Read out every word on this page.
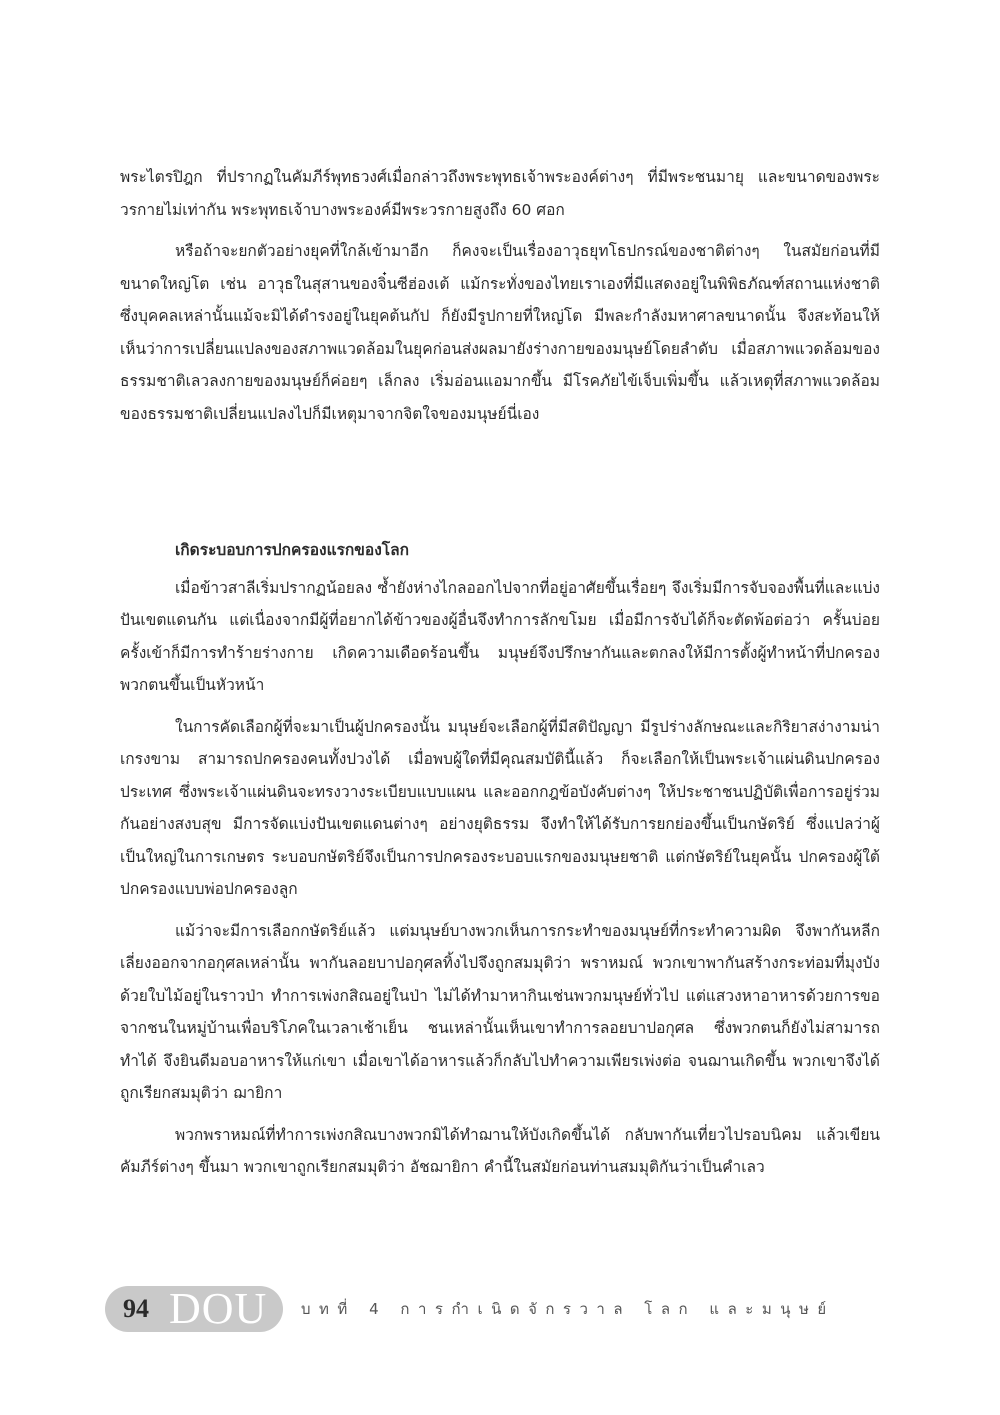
พระไตรปิฎก ที่ปรากฏในคัมภีร์พุทธวงศ์เมื่อกล่าวถึงพระพุทธเจ้าพระองค์ต่างๆ ที่มีพระชนมายุ และขนาดของพระวรกายไม่เท่ากัน พระพุทธเจ้าบางพระองค์มีพระวรกายสูงถึง 60 ศอก

หรือถ้าจะยกตัวอย่างยุคที่ใกล้เข้ามาอีก ก็คงจะเป็นเรื่องอาวุธยุทโธปกรณ์ของชาติต่างๆ ในสมัยก่อนที่มีขนาดใหญ่โต เช่น อาวุธในสุสานของจิ๋นซีฮ่องเต้ แม้กระทั่งของไทยเราเองที่มีแสดงอยู่ในพิพิธภัณฑ์สถานแห่งชาติซึ่งบุคคลเหล่านั้นแม้จะมิได้ดำรงอยู่ในยุคต้นกัป ก็ยังมีรูปกายที่ใหญ่โต มีพละกำลังมหาศาลขนาดนั้น จึงสะท้อนให้เห็นว่าการเปลี่ยนแปลงของสภาพแวดล้อมในยุคก่อนส่งผลมายังร่างกายของมนุษย์โดยลำดับ เมื่อสภาพแวดล้อมของธรรมชาติเลวลงกายของมนุษย์ก็ค่อยๆ เล็กลง เริ่มอ่อนแอมากขึ้น มีโรคภัยไข้เจ็บเพิ่มขึ้น แล้วเหตุที่สภาพแวดล้อมของธรรมชาติเปลี่ยนแปลงไปก็มีเหตุมาจากจิตใจของมนุษย์นี่เอง

เกิดระบอบการปกครองแรกของโลก

เมื่อข้าวสาลีเริ่มปรากฏน้อยลง ซ้ำยังห่างไกลออกไปจากที่อยู่อาศัยขึ้นเรื่อยๆ จึงเริ่มมีการจับจองพื้นที่และแบ่งปันเขตแดนกัน แต่เนื่องจากมีผู้ที่อยากได้ข้าวของผู้อื่นจึงทำการลักขโมย เมื่อมีการจับได้ก็จะตัดพ้อต่อว่า ครั้นบ่อยครั้งเข้าก็มีการทำร้ายร่างกาย เกิดความเดือดร้อนขึ้น มนุษย์จึงปรึกษากันและตกลงให้มีการตั้งผู้ทำหน้าที่ปกครองพวกตนขึ้นเป็นหัวหน้า

ในการคัดเลือกผู้ที่จะมาเป็นผู้ปกครองนั้น มนุษย์จะเลือกผู้ที่มีสติปัญญา มีรูปร่างลักษณะและกิริยาสง่างามน่าเกรงขาม สามารถปกครองคนทั้งปวงได้ เมื่อพบผู้ใดที่มีคุณสมบัตินี้แล้ว ก็จะเลือกให้เป็นพระเจ้าแผ่นดินปกครองประเทศ ซึ่งพระเจ้าแผ่นดินจะทรงวางระเบียบแบบแผน และออกกฎข้อบังคับต่างๆ ให้ประชาชนปฏิบัติเพื่อการอยู่ร่วมกันอย่างสงบสุข มีการจัดแบ่งปันเขตแดนต่างๆ อย่างยุติธรรม จึงทำให้ได้รับการยกย่องขึ้นเป็นกษัตริย์ ซึ่งแปลว่าผู้เป็นใหญ่ในการเกษตร ระบอบกษัตริย์จึงเป็นการปกครองระบอบแรกของมนุษยชาติ แต่กษัตริย์ในยุคนั้น ปกครองผู้ใต้ปกครองแบบพ่อปกครองลูก

แม้ว่าจะมีการเลือกกษัตริย์แล้ว แต่มนุษย์บางพวกเห็นการกระทำของมนุษย์ที่กระทำความผิด จึงพากันหลีกเลี่ยงออกจากอกุศลเหล่านั้น พากันลอยบาปอกุศลทิ้งไปจึงถูกสมมุติว่า พราหมณ์ พวกเขาพากันสร้างกระท่อมที่มุงบังด้วยใบไม้อยู่ในราวป่า ทำการเพ่งกสิณอยู่ในป่า ไม่ได้ทำมาหากินเช่นพวกมนุษย์ทั่วไป แต่แสวงหาอาหารด้วยการขอจากชนในหมู่บ้านเพื่อบริโภคในเวลาเช้าเย็น ชนเหล่านั้นเห็นเขาทำการลอยบาปอกุศล ซึ่งพวกตนก็ยังไม่สามารถทำได้ จึงยินดีมอบอาหารให้แก่เขา เมื่อเขาได้อาหารแล้วก็กลับไปทำความเพียรเพ่งต่อ จนฌานเกิดขึ้น พวกเขาจึงได้ถูกเรียกสมมุติว่า ฌายิกา

พวกพราหมณ์ที่ทำการเพ่งกสิณบางพวกมิได้ทำฌานให้บังเกิดขึ้นได้ กลับพากันเที่ยวไปรอบนิคม แล้วเขียนคัมภีร์ต่างๆ ขึ้นมา พวกเขาถูกเรียกสมมุติว่า อัชฌายิกา คำนี้ในสมัยก่อนท่านสมมุติกันว่าเป็นคำเลว

94 DOU บทที่ 4 การกำเนิดจักรวาล โลก และมนุษย์
